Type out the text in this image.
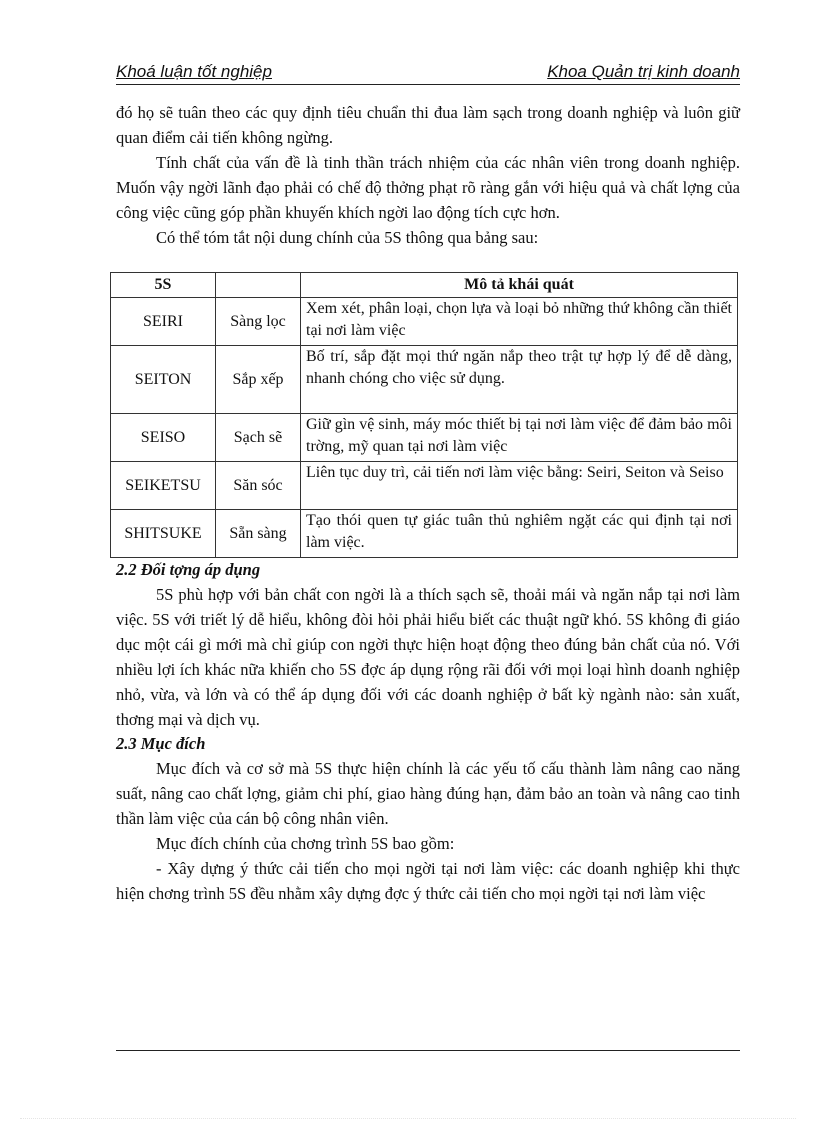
Khoá luận tốt nghiệp	Khoa Quản trị kinh doanh

đó họ sẽ tuân theo các quy định tiêu chuẩn thi đua làm sạch trong doanh nghiệp và luôn giữ quan điểm cải tiến không ngừng.

Tính chất của vấn đề là tinh thần trách nhiệm của các nhân viên trong doanh nghiệp. Muốn vậy ngời lãnh đạo phải có chế độ thởng phạt rõ ràng gắn với hiệu quả và chất lợng của công việc cũng góp phần khuyến khích ngời lao động tích cực hơn.

Có thể tóm tắt nội dung chính của 5S thông qua bảng sau:

5S		Mô tả khái quát
SEIRI	Sàng lọc	Xem xét, phân loại, chọn lựa và loại bỏ những thứ không cần thiết tại nơi làm việc
SEITON	Sắp xếp	Bố trí, sắp đặt mọi thứ ngăn nắp theo trật tự hợp lý để dễ dàng, nhanh chóng cho việc sử dụng.
SEISO	Sạch sẽ	Giữ gìn vệ sinh, máy móc thiết bị tại nơi làm việc để đảm bảo môi trờng, mỹ quan tại nơi làm việc
SEIKETSU	Săn sóc	Liên tục duy trì, cải tiến nơi làm việc bằng: Seiri, Seiton và Seiso
SHITSUKE	Sẵn sàng	Tạo thói quen tự giác tuân thủ nghiêm ngặt các qui định tại nơi làm việc.

2.2 Đối tợng áp dụng

5S phù hợp với bản chất con ngời là a thích sạch sẽ, thoải mái và ngăn nắp tại nơi làm việc. 5S với triết lý dễ hiểu, không đòi hỏi phải hiểu biết các thuật ngữ khó. 5S không đi giáo dục một cái gì mới mà chỉ giúp con ngời thực hiện hoạt động theo đúng bản chất của nó. Với nhiều lợi ích khác nữa khiến cho 5S đợc áp dụng rộng rãi đối với mọi loại hình doanh nghiệp nhỏ, vừa, và lớn và có thể áp dụng đối với các doanh nghiệp ở bất kỳ ngành nào: sản xuất, thơng mại và dịch vụ.

2.3 Mục đích

Mục đích và cơ sở mà 5S thực hiện chính là các yếu tố cấu thành làm nâng cao năng suất, nâng cao chất lợng, giảm chi phí, giao hàng đúng hạn, đảm bảo an toàn và nâng cao tinh thần làm việc của cán bộ công nhân viên.

Mục đích chính của chơng trình 5S bao gồm:

- Xây dựng ý thức cải tiến cho mọi ngời tại nơi làm việc: các doanh nghiệp khi thực hiện chơng trình 5S đều nhằm xây dựng đợc ý thức cải tiến cho mọi ngời tại nơi làm việc
